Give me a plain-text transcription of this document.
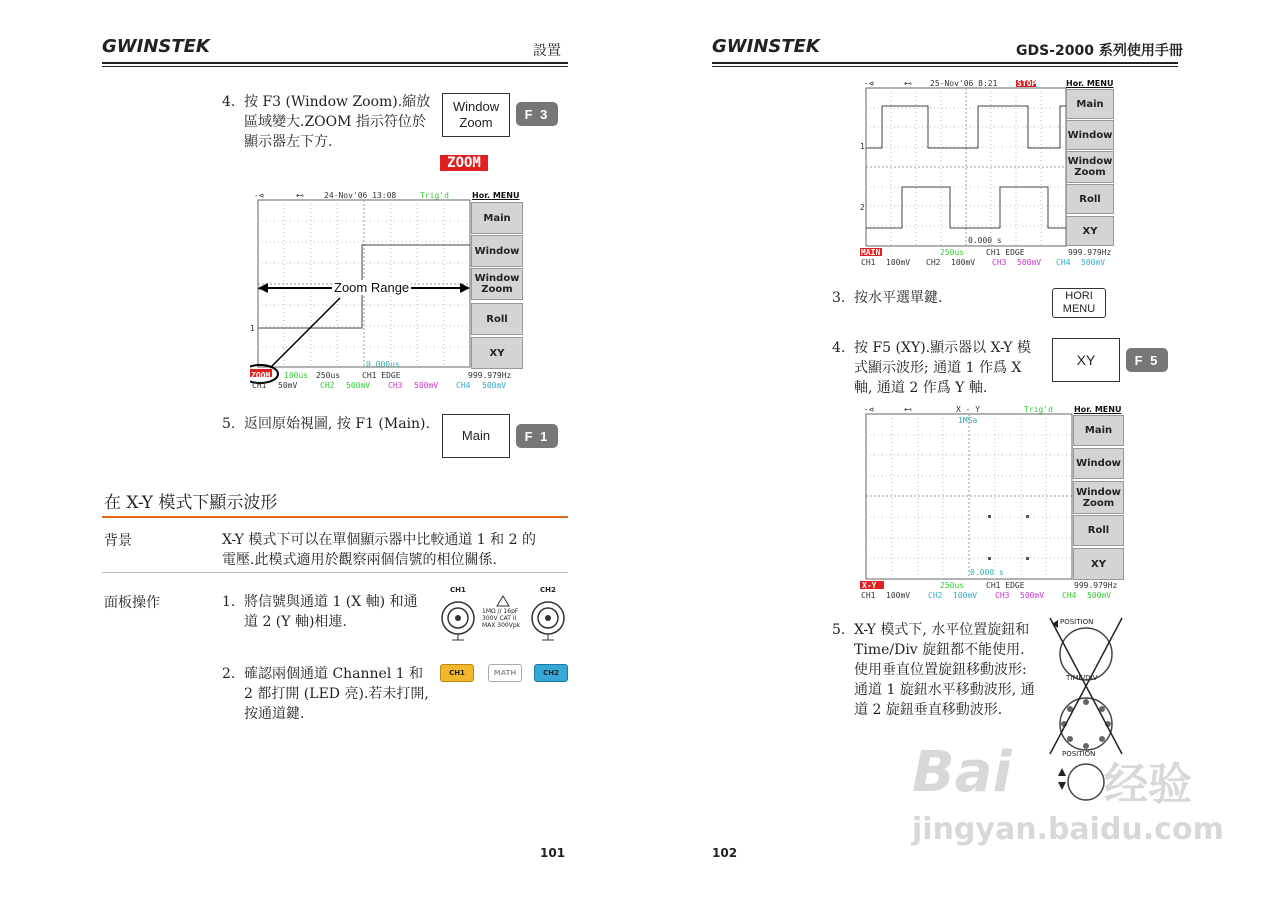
GWINSTEK	設置
4. 按 F3 (Window Zoom).縮放
區域變大.ZOOM 指示符位於
顯示器左下方.
Window
Zoom
F 3
ZOOM
-⊲	⊷	24-Nov'06 13:08	Trig'd	Hor. MENU
Main
Window
Window
Zoom
Roll
XY
Zoom Range
0.000us
1
ZOOM 100us 250us	CH1 EDGE	999.979Hz
CH1 50mV	CH2 500mV CH3 500mV CH4 500mV
5. 返回原始視圖, 按 F1 (Main).
Main	F 1
在 X-Y 模式下顯示波形
背景	X-Y 模式下可以在單個顯示器中比較通道 1 和 2 的
電壓.此模式適用於觀察兩個信號的相位關係.
面板操作	1. 將信號與通道 1 (X 軸) 和通
道 2 (Y 軸)相連.
CH1	CH2
1MΩ // 16pF
300V CAT II
MAX 300Vpk
2. 確認兩個通道 Channel 1 和
2 都打開 (LED 亮).若未打開,
按通道鍵.
CH1	MATH	CH2
101
GWINSTEK	GDS-2000 系列使用手冊
-⊲	⊷ 25-Nov'06 8:21 STOP	Hor. MENU
Main
Window
Window
Zoom
Roll
XY
1
2
0.000 s
MAIN	250us	CH1 EDGE	999.979Hz
CH1 100mV CH2 100mV CH3 500mV CH4 500mV
3. 按水平選單鍵.	HORI
MENU
4. 按 F5 (XY).顯示器以 X-Y 模
式顯示波形; 通道 1 作爲 X
軸, 通道 2 作爲 Y 軸.
XY	F 5
-⊲	⊷	X - Y	Trig'd	Hor. MENU
Main
Window
Window
Zoom
Roll
XY
1MSa
0.000 s
X-Y	250us	CH1 EDGE	999.979Hz
CH1 100mV CH2 100mV CH3 500mV CH4 500mV
5. X-Y 模式下, 水平位置旋鈕和
Time/Div 旋鈕都不能使用.
使用垂直位置旋鈕移動波形:
通道 1 旋鈕水平移動波形, 通
道 2 旋鈕垂直移動波形.
POSITION
TIME/DIV
POSITION
Bai 经验
jingyan.baidu.com
102
